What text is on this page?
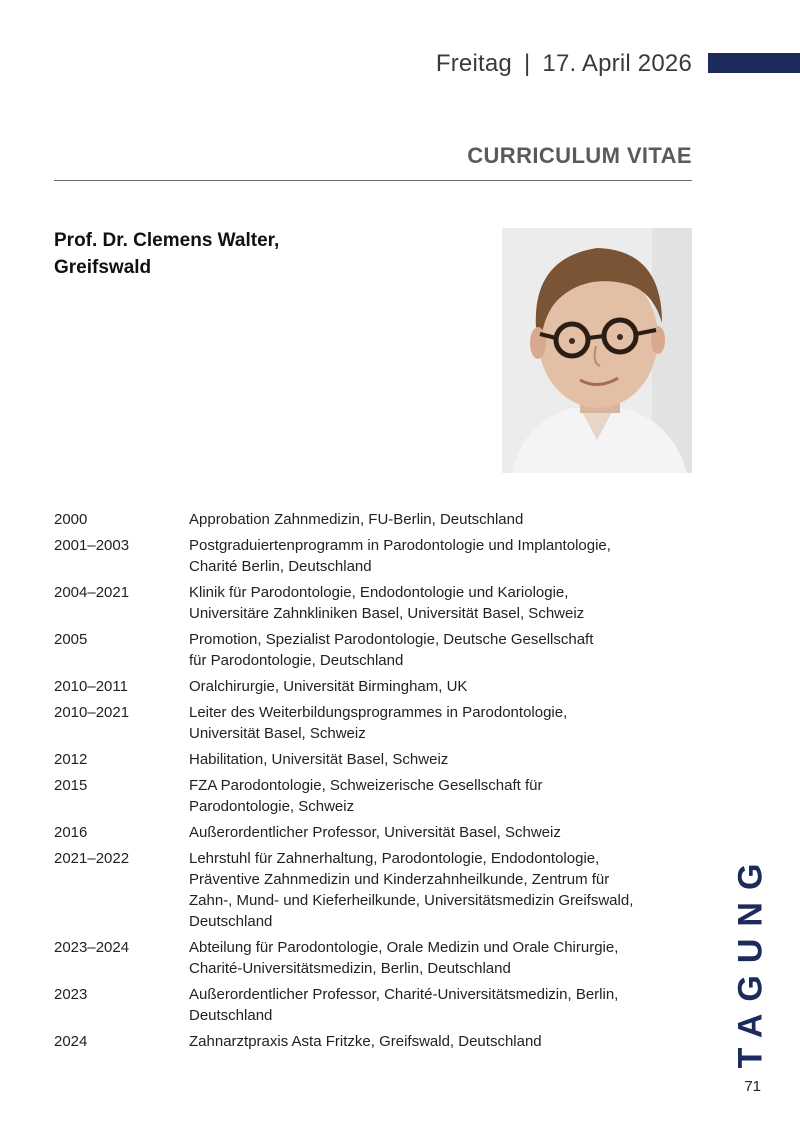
Freitag | 17. April 2026
CURRICULUM VITAE
Prof. Dr. Clemens Walter,
Greifswald
2000	Approbation Zahnmedizin, FU-Berlin, Deutschland
2001–2003	Postgraduiertenprogramm in Parodontologie und Implantologie,
Charité Berlin, Deutschland
2004–2021	Klinik für Parodontologie, Endodontologie und Kariologie,
Universitäre Zahnkliniken Basel, Universität Basel, Schweiz
2005	Promotion, Spezialist Parodontologie, Deutsche Gesellschaft
für Parodontologie, Deutschland
2010–2011	Oralchirurgie, Universität Birmingham, UK
2010–2021	Leiter des Weiterbildungsprogrammes in Parodontologie,
Universität Basel, Schweiz
2012	Habilitation, Universität Basel, Schweiz
2015	FZA Parodontologie, Schweizerische Gesellschaft für
Parodontologie, Schweiz
2016	Außerordentlicher Professor, Universität Basel, Schweiz
2021–2022	Lehrstuhl für Zahnerhaltung, Parodontologie, Endodontologie,
Präventive Zahnmedizin und Kinderzahnheilkunde, Zentrum für
Zahn-, Mund- und Kieferheilkunde, Universitätsmedizin Greifswald,
Deutschland
2023–2024	Abteilung für Parodontologie, Orale Medizin und Orale Chirurgie,
Charité-Universitätsmedizin, Berlin, Deutschland
2023	Außerordentlicher Professor, Charité-Universitätsmedizin, Berlin,
Deutschland
2024	Zahnarztpraxis Asta Fritzke, Greifswald, Deutschland	TAGUNG
71
